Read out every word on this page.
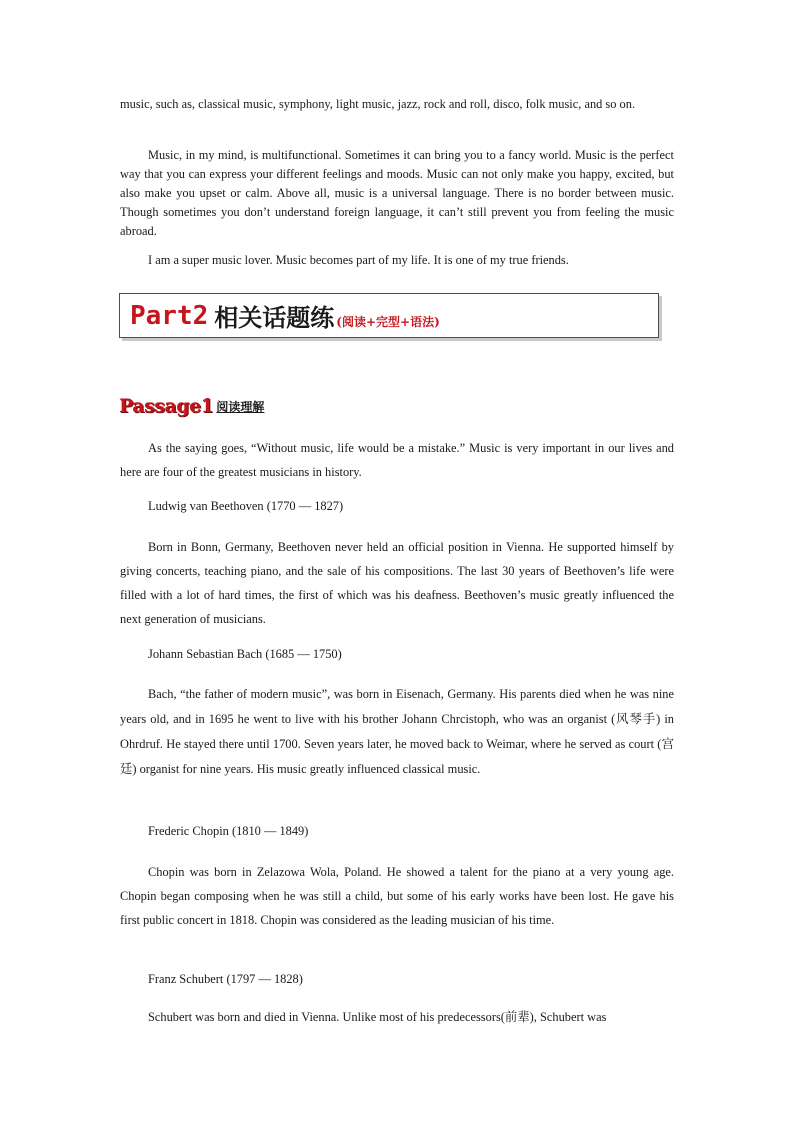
music, such as, classical music, symphony, light music, jazz, rock and roll, disco, folk music, and so on.

Music, in my mind, is multifunctional. Sometimes it can bring you to a fancy world. Music is the perfect way that you can express your different feelings and moods. Music can not only make you happy, excited, but also make you upset or calm. Above all, music is a universal language. There is no border between music. Though sometimes you don’t understand foreign language, it can’t still prevent you from feeling the music abroad.

I am a super music lover. Music becomes part of my life. It is one of my true friends.

Part2 相关话题练 (阅读+完型+语法)
Passage1 阅读理解

As the saying goes, “Without music, life would be a mistake.” Music is very important in our lives and here are four of the greatest musicians in history.

Ludwig van Beethoven (1770 — 1827)

Born in Bonn, Germany, Beethoven never held an official position in Vienna. He supported himself by giving concerts, teaching piano, and the sale of his compositions. The last 30 years of Beethoven’s life were filled with a lot of hard times, the first of which was his deafness. Beethoven’s music greatly influenced the next generation of musicians.

Johann Sebastian Bach (1685 — 1750)

Bach, “the father of modern music”, was born in Eisenach, Germany. His parents died when he was nine years old, and in 1695 he went to live with his brother Johann Chrcistoph, who was an organist (风琴手) in Ohrdruf. He stayed there until 1700. Seven years later, he moved back to Weimar, where he served as court (宫廷) organist for nine years. His music greatly influenced classical music.

Frederic Chopin (1810 — 1849)

Chopin was born in Zelazowa Wola, Poland. He showed a talent for the piano at a very young age. Chopin began composing when he was still a child, but some of his early works have been lost. He gave his first public concert in 1818. Chopin was considered as the leading musician of his time.

Franz Schubert (1797 — 1828)

Schubert was born and died in Vienna. Unlike most of his predecessors(前辈), Schubert was
